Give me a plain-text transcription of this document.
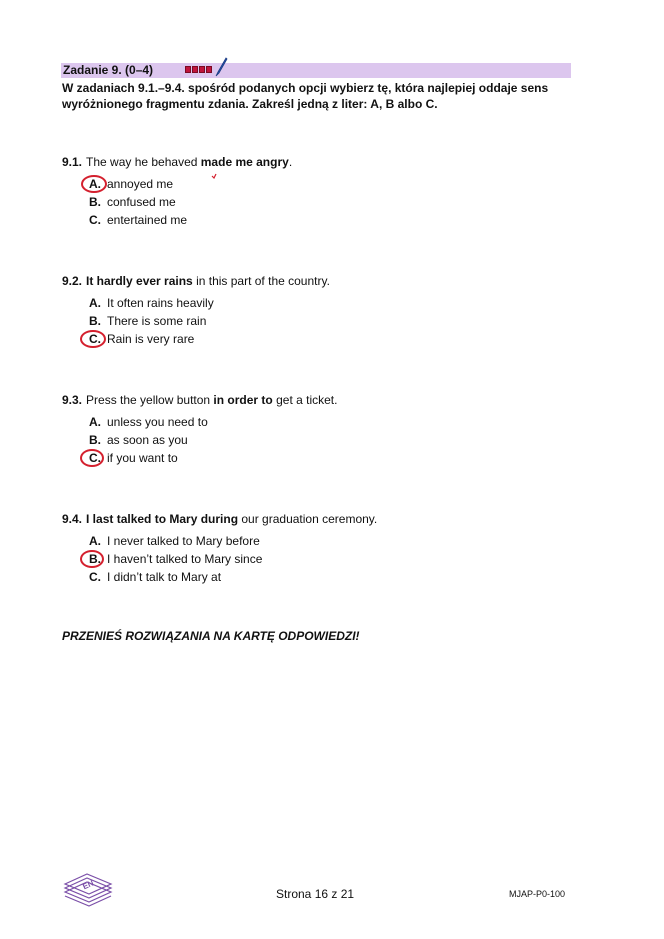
Zadanie 9. (0–4)
W zadaniach 9.1.–9.4. spośród podanych opcji wybierz tę, która najlepiej oddaje sens wyróżnionego fragmentu zdania. Zakreśl jedną z liter: A, B albo C.
9.1. The way he behaved made me angry.
A. annoyed me
B. confused me
C. entertained me
9.2. It hardly ever rains in this part of the country.
A. It often rains heavily
B. There is some rain
C. Rain is very rare
9.3. Press the yellow button in order to get a ticket.
A. unless you need to
B. as soon as you
C. if you want to
9.4. I last talked to Mary during our graduation ceremony.
A. I never talked to Mary before
B. I haven’t talked to Mary since
C. I didn’t talk to Mary at
PRZENIEŚ ROZWIĄZANIA NA KARTĘ ODPOWIEDZI!
EN
Strona 16 z 21	MJAP-P0-100
